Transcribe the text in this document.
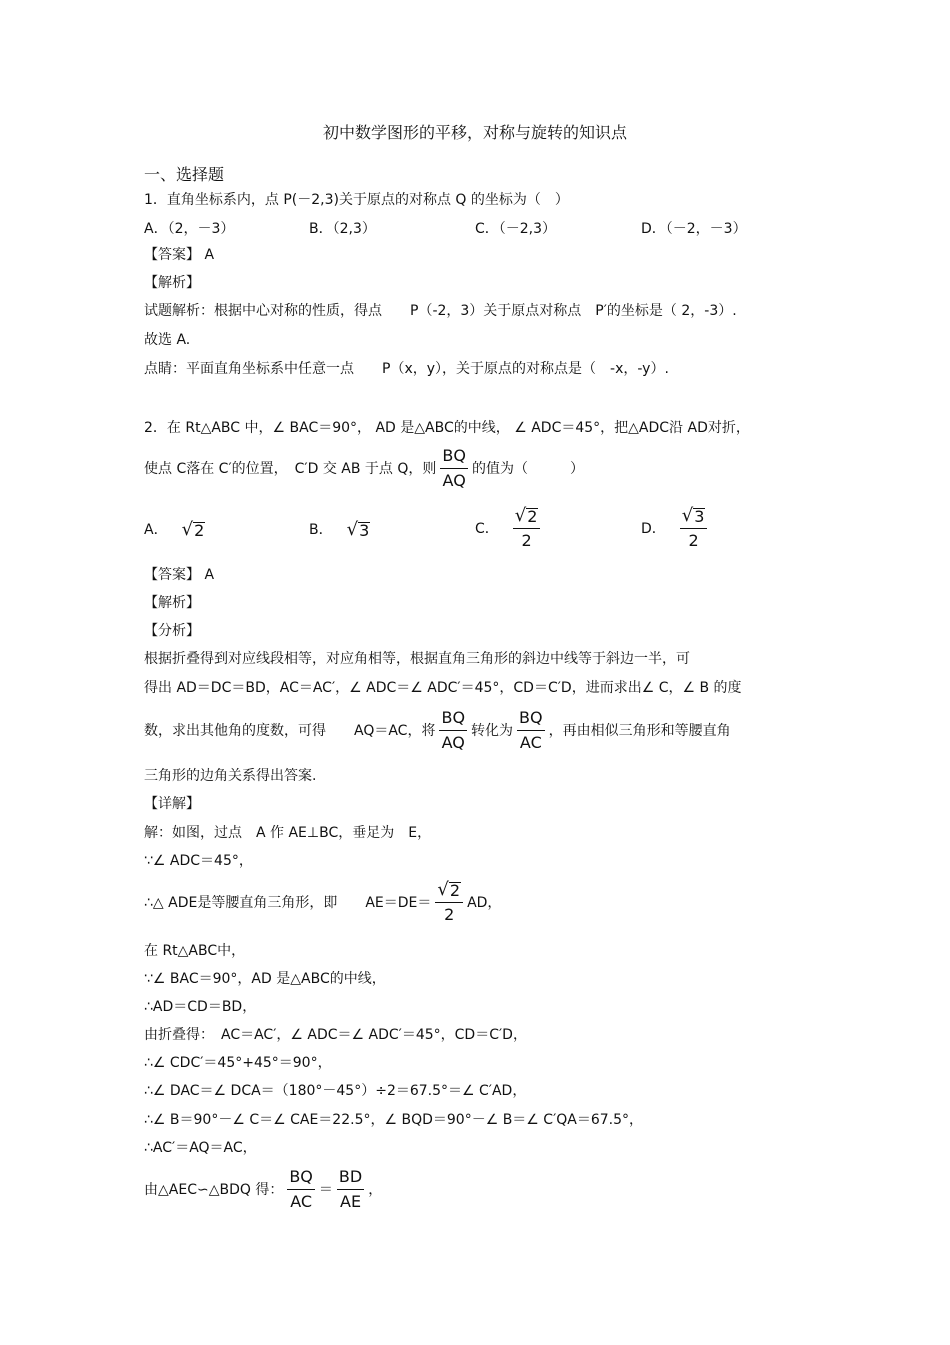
初中数学图形的平移，对称与旋转的知识点
一、选择题
1．直角坐标系内，点 P(－2,3)关于原点的对称点 Q 的坐标为（　）
A．（2，－3）	B．（2,3）	C．（－2,3）	D．（－2，－3）
【答案】 A
【解析】
试题解析：根据中心对称的性质，得点　　P（-2，3）关于原点对称点　P′的坐标是（ 2，-3）.
故选 A.
点睛：平面直角坐标系中任意一点　　P（x，y），关于原点的对称点是（　-x，-y）.
2．在 Rt△ABC 中，∠ BAC＝90°， AD 是△ABC的中线， ∠ ADC＝45°，把△ADC沿 AD对折，
使点 C落在 C′的位置，　C′D 交 AB 于点 Q，则 $\frac{BQ}{AQ}$ 的值为（　　　）
A． √ 2	B． √ 3	C． $\frac{√ 2}{2}$	D． $\frac{√ 3}{2}$
【答案】 A
【解析】
【分析】
根据折叠得到对应线段相等，对应角相等，根据直角三角形的斜边中线等于斜边一半，可
得出 AD＝DC＝BD，AC＝AC′，∠ ADC＝∠ ADC′＝45°，CD＝C′D，进而求出∠ C，∠ B 的度
数，求出其他角的度数，可得　　AQ＝AC，将 $\frac{BQ}{AQ}$ 转化为 $\frac{BQ}{AC}$ ，再由相似三角形和等腰直角
三角形的边角关系得出答案.
【详解】
解：如图，过点　A 作 AE⊥BC，垂足为　E，
∵∠ ADC＝45°，
∴△ ADE是等腰直角三角形，即　　$AE=DE= \frac{√ 2}{2}$ AD，
在 Rt△ABC中，
∵∠ BAC＝90°，AD 是△ABC的中线，
∴AD＝CD＝BD，
由折叠得：　AC＝AC′，∠ ADC＝∠ ADC′＝45°，CD＝C′D，
∴∠ CDC′＝45°+45°＝90°，
∴∠ DAC＝∠ DCA＝（180°－45°）÷2＝67.5°＝∠ C′AD，
∴∠ B＝90°－∠ C＝∠ CAE＝22.5°，∠ BQD＝90°－∠ B＝∠ C′QA＝67.5°，
∴AC′＝AQ＝AC，
由△AEC∽△BDQ 得： $\frac{BQ}{AC} = \frac{BD}{AE}$ ，
